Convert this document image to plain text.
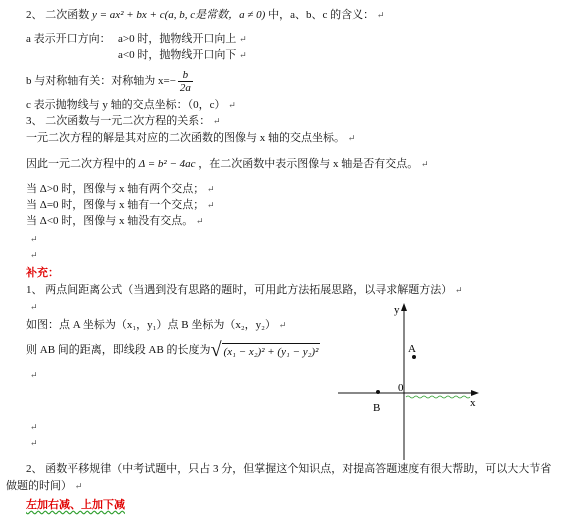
2、 二次函数 y = ax² + bx + c(a, b, c是常数，a ≠ 0) 中，a、b、c 的含义： ↵
a 表示开口方向： a>0 时，抛物线开口向上 ↵
a<0 时，抛物线开口向下 ↵
b 与对称轴有关：对称轴为 $x=- \frac{b}{2a}$
c 表示抛物线与 y 轴的交点坐标：（0，c） ↵
3、 二次函数与一元二次方程的关系： ↵
一元二次方程的解是其对应的二次函数的图像与 x 轴的交点坐标。 ↵
因此一元二次方程中的 Δ = b² − 4ac ，在二次函数中表示图像与 x 轴是否有交点。 ↵
当 Δ>0 时，图像与 x 轴有两个交点； ↵
当 Δ=0 时，图像与 x 轴有一个交点； ↵
当 Δ<0 时，图像与 x 轴没有交点。 ↵
↵
↵
补充：
1、 两点间距离公式（当遇到没有思路的题时，可用此方法拓展思路，以寻求解题方法） ↵
↵
如图：点 A 坐标为（x₁，y₁）点 B 坐标为（x₂，y₂） ↵
则 AB 间的距离，即线段 AB 的长度为 √ (x₁ − x₂)² + (y₁ − y₂)²
↵
↵
↵
2、 函数平移规律（中考试题中，只占 3 分，但掌握这个知识点，对提高答题速度有很大帮助，可以大大节省
做题的时间） ↵
左加右减、上加下减
y
x
0
A
B
